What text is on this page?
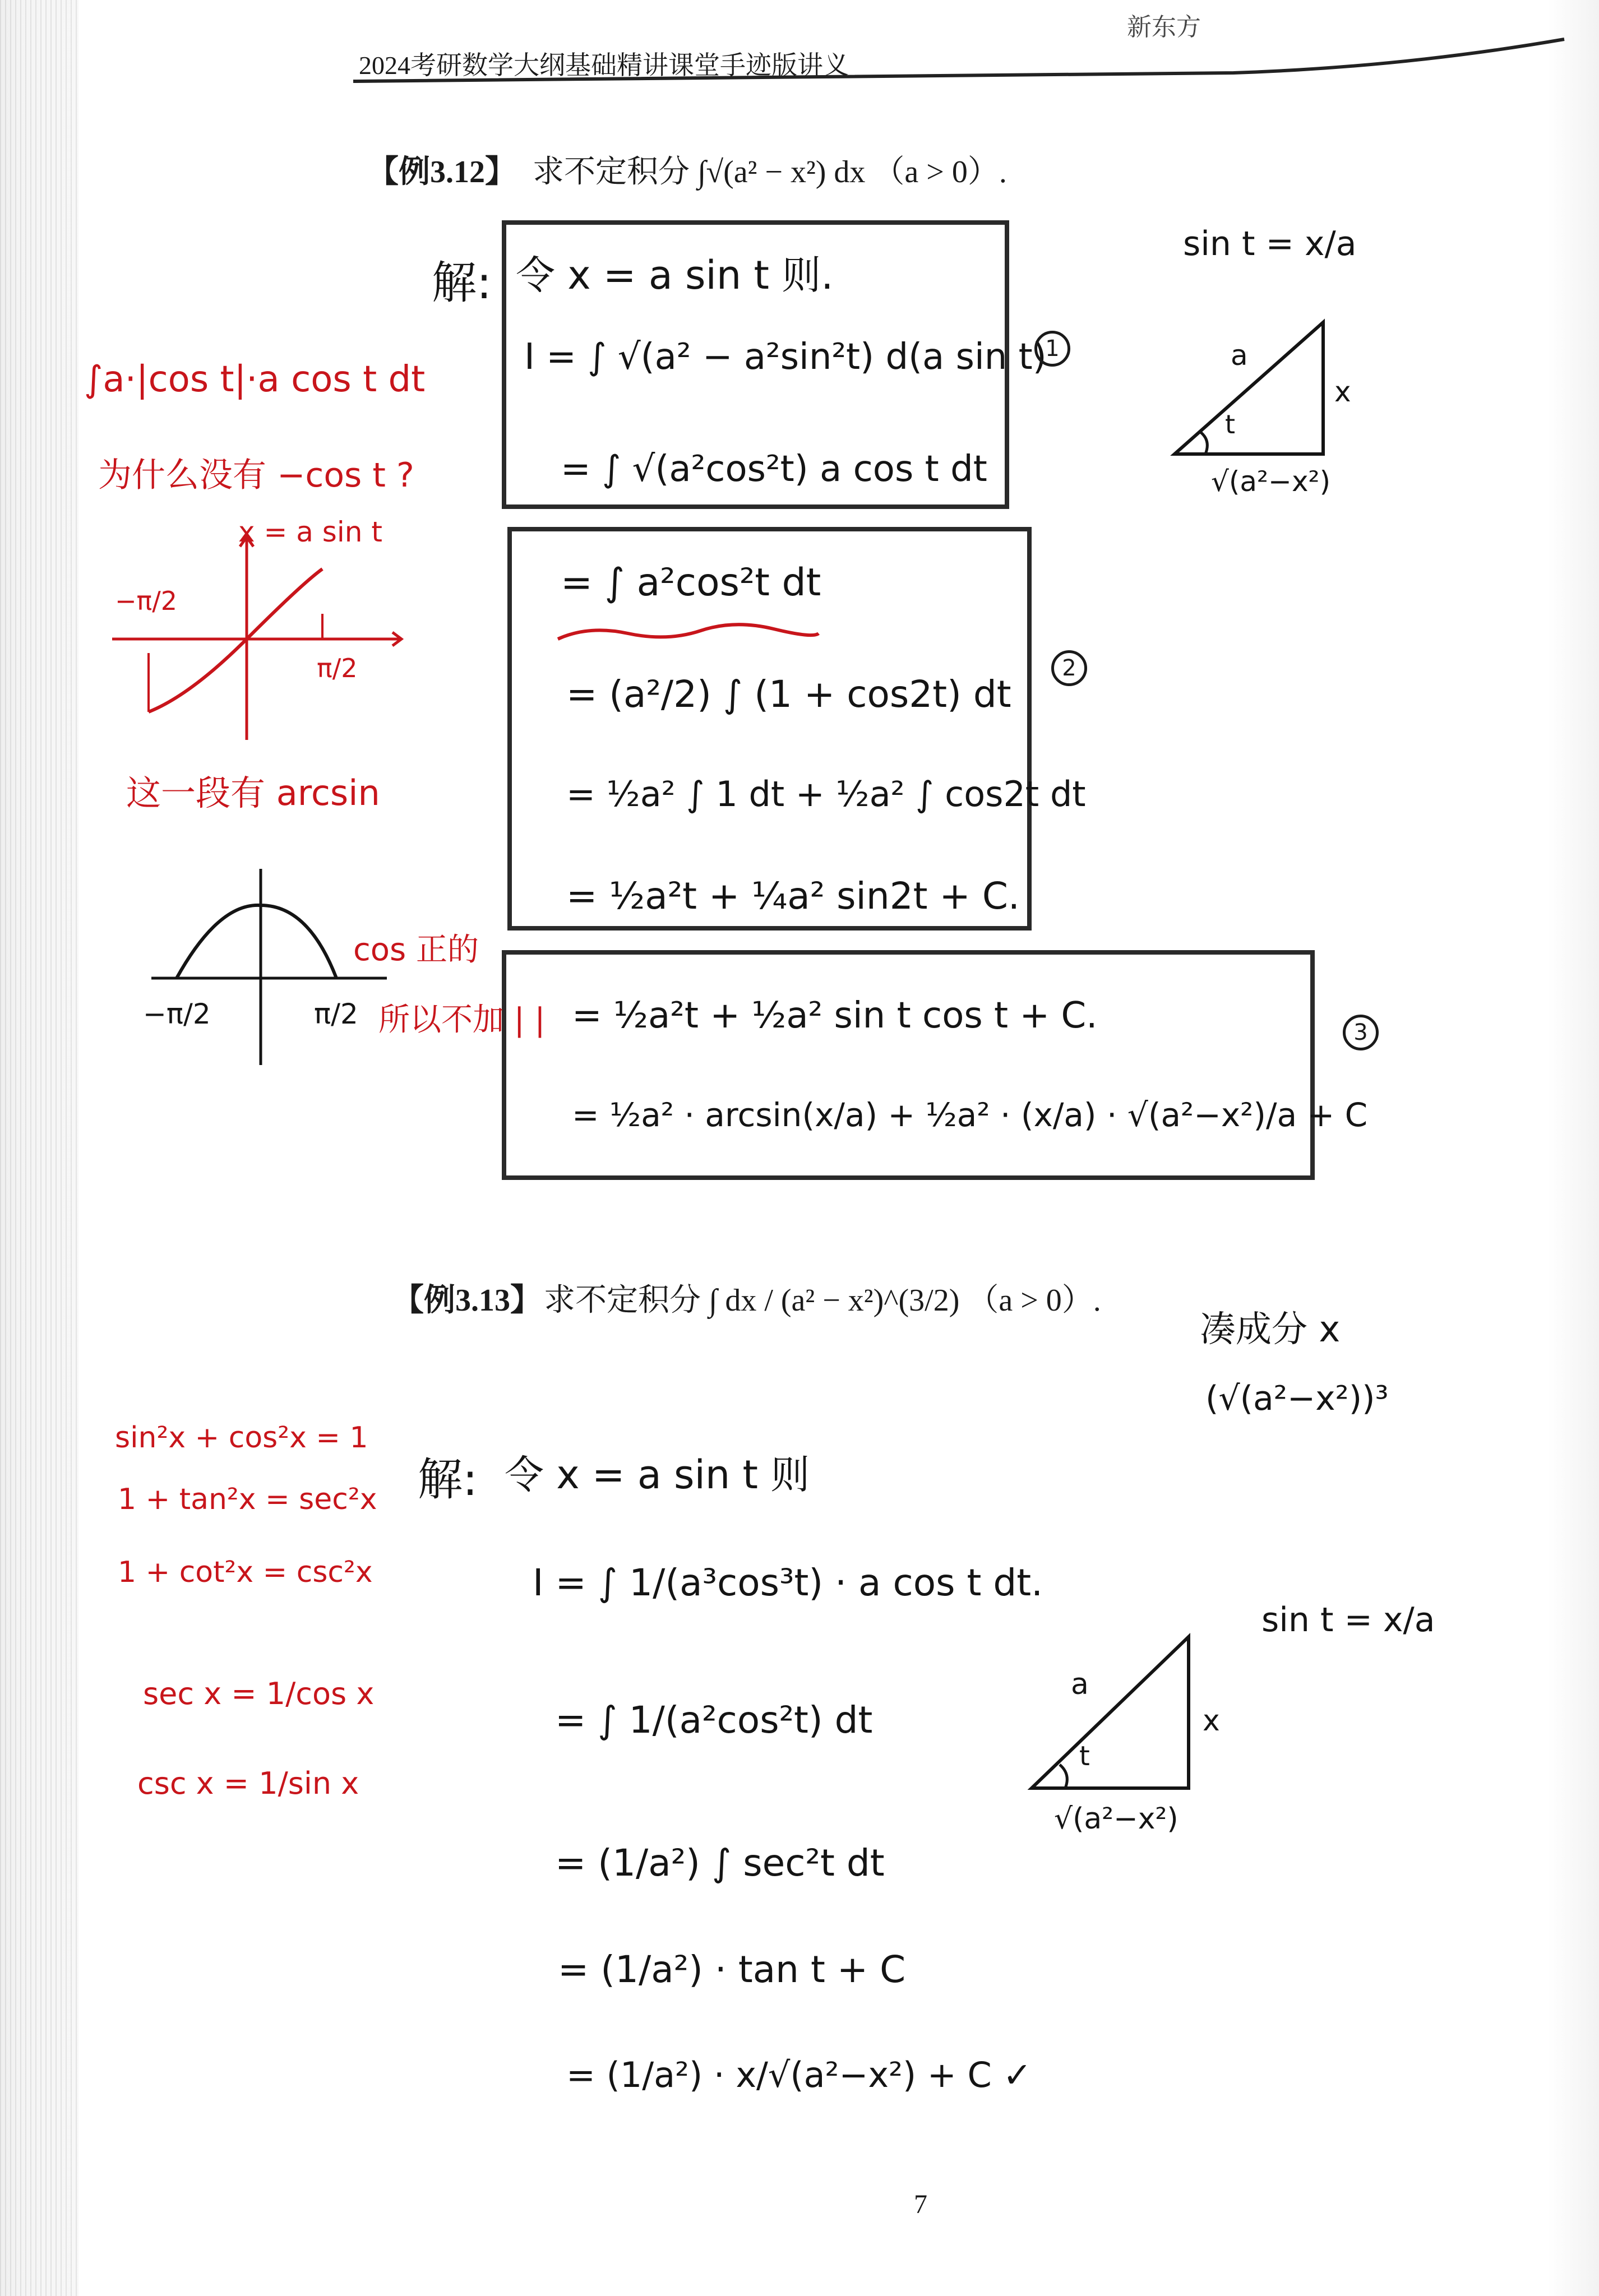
2024考研数学大纲基础精讲课堂手迹版讲义
新东方
【例3.12】 求不定积分 ∫√(a² − x²) dx （a > 0）.
解: 令 x = a sin t 则.
I = ∫ √(a² − a²sin²t) d(a sin t)
= ∫ √(a²cos²t) a cos t dt
1
= ∫ a²cos²t dt
= (a²/2) ∫ (1 + cos2t) dt
= ½a² ∫ 1 dt + ½a² ∫ cos2t dt
= ½a²t + ¼a² sin2t + C.
2
= ½a²t + ½a² sin t cos t + C.
= ½a² · arcsin(x/a) + ½a² · (x/a) · √(a²−x²)/a + C
3
sin t = x/a
a
x
t
√(a²−x²)
∫a·|cos t|·a cos t dt
为什么没有 −cos t ?
x = a sin t
−π/2
π/2
这一段有 arcsin
−π/2	π/2
cos 正的
所以不加 | |
【例3.13】 求不定积分 ∫ dx / (a² − x²)^(3/2) （a > 0）.
凑成分 x
(√(a²−x²))³
解: 令 x = a sin t 则
I = ∫ 1/(a³cos³t) · a cos t dt.
= ∫ 1/(a²cos²t) dt
= (1/a²) ∫ sec²t dt
= (1/a²) · tan t + C
= (1/a²) · x/√(a²−x²) + C ✓
sin t = x/a
a
x
t
√(a²−x²)
sin²x + cos²x = 1
1 + tan²x = sec²x
1 + cot²x = csc²x
sec x = 1/cos x
csc x = 1/sin x
7
